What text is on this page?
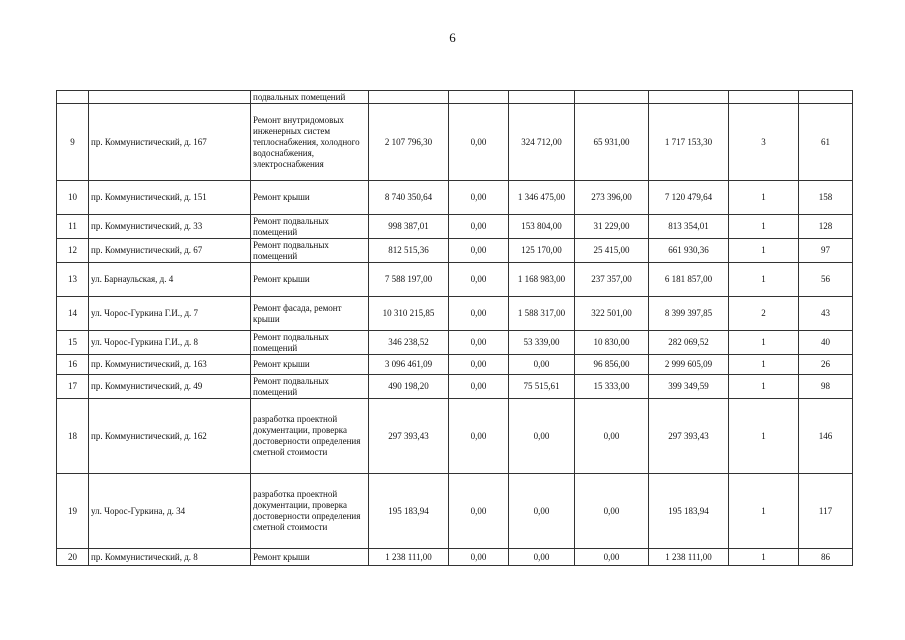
6
		подвальных помещений							
9	пр. Коммунистический, д. 167	Ремонт внутридомовых инженерных систем теплоснабжения, холодного водоснабжения, электроснабжения	2 107 796,30	0,00	324 712,00	65 931,00	1 717 153,30	3	61
10	пр. Коммунистический, д. 151	Ремонт крыши	8 740 350,64	0,00	1 346 475,00	273 396,00	7 120 479,64	1	158
11	пр. Коммунистический, д. 33	Ремонт подвальных помещений	998 387,01	0,00	153 804,00	31 229,00	813 354,01	1	128
12	пр. Коммунистический, д. 67	Ремонт подвальных помещений	812 515,36	0,00	125 170,00	25 415,00	661 930,36	1	97
13	ул. Барнаульская, д. 4	Ремонт крыши	7 588 197,00	0,00	1 168 983,00	237 357,00	6 181 857,00	1	56
14	ул. Чорос-Гуркина Г.И., д. 7	Ремонт фасада, ремонт крыши	10 310 215,85	0,00	1 588 317,00	322 501,00	8 399 397,85	2	43
15	ул. Чорос-Гуркина Г.И., д. 8	Ремонт подвальных помещений	346 238,52	0,00	53 339,00	10 830,00	282 069,52	1	40
16	пр. Коммунистический, д. 163	Ремонт крыши	3 096 461,09	0,00	0,00	96 856,00	2 999 605,09	1	26
17	пр. Коммунистический, д. 49	Ремонт подвальных помещений	490 198,20	0,00	75 515,61	15 333,00	399 349,59	1	98
18	пр. Коммунистический, д. 162	разработка проектной документации, проверка достоверности определения сметной стоимости	297 393,43	0,00	0,00	0,00	297 393,43	1	146
19	ул. Чорос-Гуркина, д. 34	разработка проектной документации, проверка достоверности определения сметной стоимости	195 183,94	0,00	0,00	0,00	195 183,94	1	117
20	пр. Коммунистический, д. 8	Ремонт крыши	1 238 111,00	0,00	0,00	0,00	1 238 111,00	1	86
